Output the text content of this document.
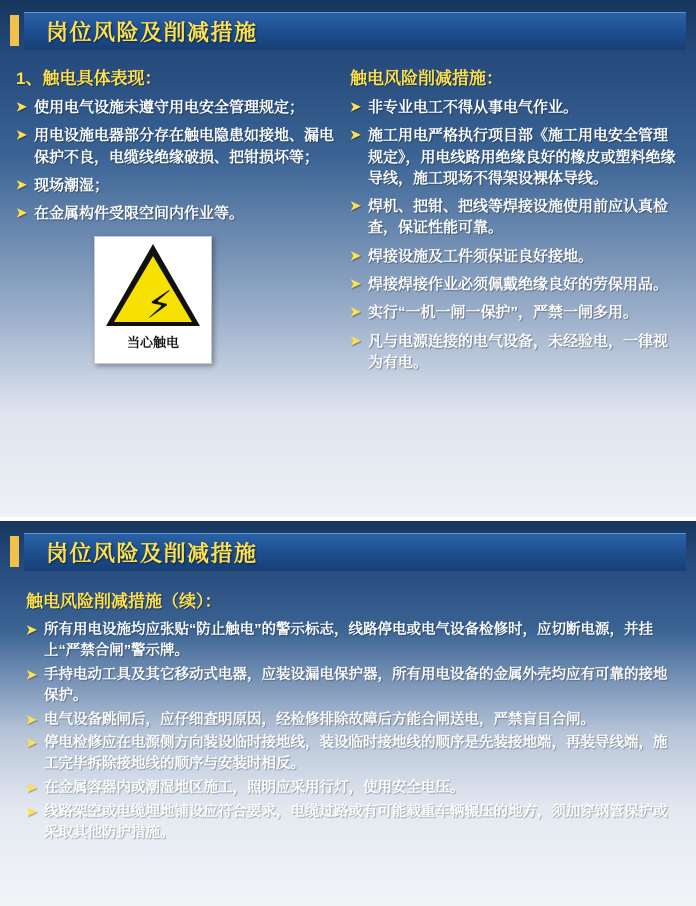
岗位风险及削减措施
1、触电具体表现：
➤ 使用电气设施未遵守用电安全管理规定；
➤ 用电设施电器部分存在触电隐患如接地、漏电保护不良，电缆线绝缘破损、把钳损坏等；
➤ 现场潮湿；
➤ 在金属构件受限空间内作业等。
⚡
当心触电
触电风险削减措施：
➤ 非专业电工不得从事电气作业。
➤ 施工用电严格执行项目部《施工用电安全管理规定》，用电线路用绝缘良好的橡皮或塑料绝缘导线，施工现场不得架设裸体导线。
➤ 焊机、把钳、把线等焊接设施使用前应认真检查，保证性能可靠。
➤ 焊接设施及工件须保证良好接地。
➤ 焊接焊接作业必须佩戴绝缘良好的劳保用品。
➤ 实行“一机一闸一保护”，严禁一闸多用。
➤ 凡与电源连接的电气设备，未经验电，一律视为有电。
岗位风险及削减措施
触电风险削减措施（续）：
➤ 所有用电设施均应张贴“防止触电”的警示标志，线路停电或电气设备检修时，应切断电源，并挂上“严禁合闸”警示牌。
➤ 手持电动工具及其它移动式电器，应装设漏电保护器，所有用电设备的金属外壳均应有可靠的接地保护。
➤ 电气设备跳闸后，应仔细查明原因，经检修排除故障后方能合闸送电，严禁盲目合闸。
➤ 停电检修应在电源侧方向装设临时接地线，装设临时接地线的顺序是先装接地端，再装导线端，施工完毕拆除接地线的顺序与安装时相反。
➤ 在金属容器内或潮湿地区施工，照明应采用行灯，使用安全电压。
➤ 线路架空或电缆埋地铺设应符合要求，电缆过路或有可能载重车辆辗压的地方，须加穿钢管保护或采取其他防护措施。
